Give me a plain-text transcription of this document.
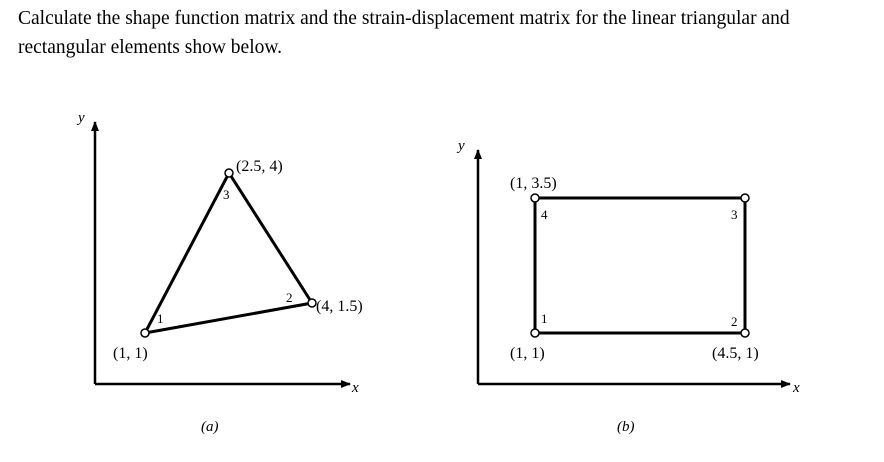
Calculate the shape function matrix and the strain-displacement matrix for the linear triangular and rectangular elements show below.
y
x
1
2
3
(1, 1)
(4, 1.5)
(2.5, 4)
(a)
y
x
1	2
3
4
(1, 1)	(4.5, 1)
(1, 3.5)
(b)
